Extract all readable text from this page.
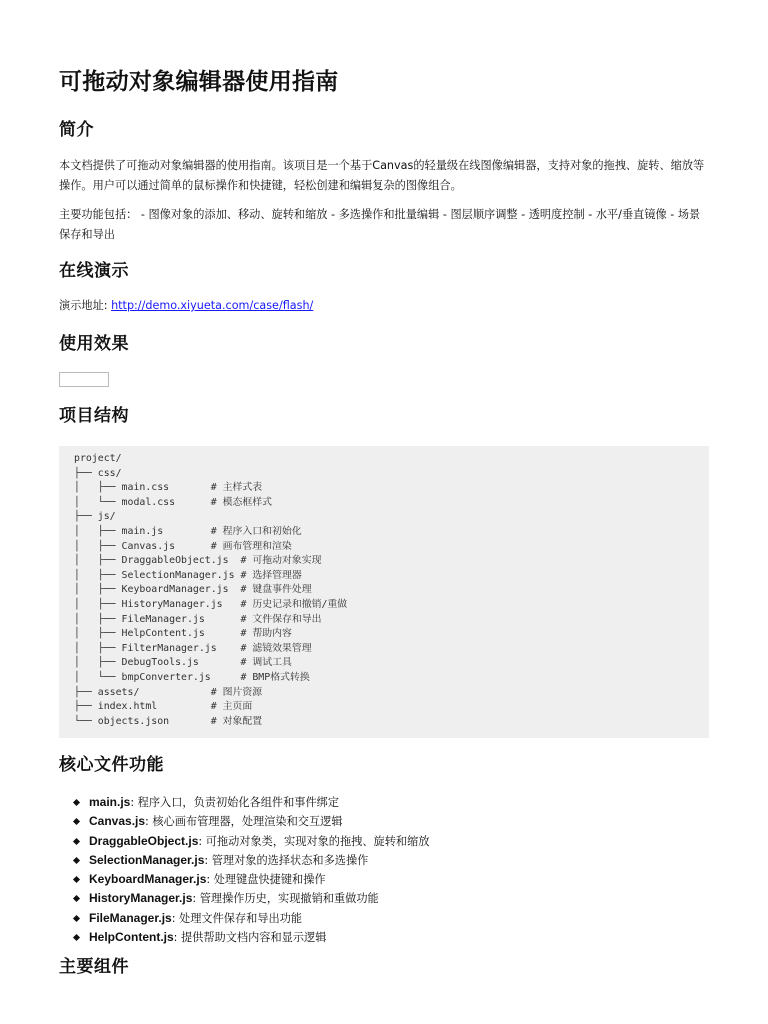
可拖动对象编辑器使用指南
简介

本文档提供了可拖动对象编辑器的使用指南。该项目是一个基于Canvas的轻量级在线图像编辑器，支持对象的拖拽、旋转、缩放等操作。用户可以通过简单的鼠标操作和快捷键，轻松创建和编辑复杂的图像组合。

主要功能包括： - 图像对象的添加、移动、旋转和缩放 - 多选操作和批量编辑 - 图层顺序调整 - 透明度控制 - 水平/垂直镜像 - 场景保存和导出

在线演示

演示地址: http://demo.xiyueta.com/case/flash/

使用效果
项目结构
project/
├── css/
│   ├── main.css       # 主样式表
│   └── modal.css      # 模态框样式
├── js/
│   ├── main.js        # 程序入口和初始化
│   ├── Canvas.js      # 画布管理和渲染
│   ├── DraggableObject.js  # 可拖动对象实现
│   ├── SelectionManager.js # 选择管理器
│   ├── KeyboardManager.js  # 键盘事件处理
│   ├── HistoryManager.js   # 历史记录和撤销/重做
│   ├── FileManager.js      # 文件保存和导出
│   ├── HelpContent.js      # 帮助内容
│   ├── FilterManager.js    # 滤镜效果管理
│   ├── DebugTools.js       # 调试工具
│   └── bmpConverter.js     # BMP格式转换
├── assets/            # 图片资源
├── index.html         # 主页面
└── objects.json       # 对象配置
核心文件功能
main.js: 程序入口，负责初始化各组件和事件绑定
Canvas.js: 核心画布管理器，处理渲染和交互逻辑
DraggableObject.js: 可拖动对象类，实现对象的拖拽、旋转和缩放
SelectionManager.js: 管理对象的选择状态和多选操作
KeyboardManager.js: 处理键盘快捷键和操作
HistoryManager.js: 管理操作历史，实现撤销和重做功能
FileManager.js: 处理文件保存和导出功能
HelpContent.js: 提供帮助文档内容和显示逻辑
主要组件
